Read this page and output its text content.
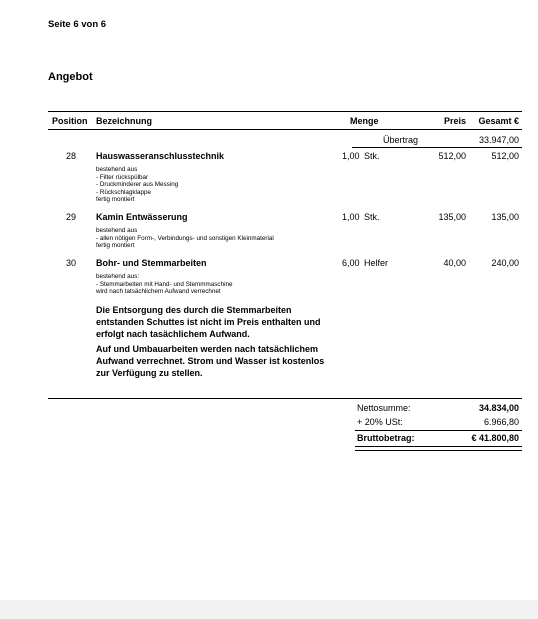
Seite 6 von 6
Angebot
Position Bezeichnung	Menge	Preis Gesamt €
Übertrag	33.947,00
28 Hauswasseranschlusstechnik	1,00 Stk.	512,00	512,00
bestehend aus
- Filter rückspülbar
- Druckminderer aus Messing
- Rückschlagklappe
fertig montiert
29 Kamin Entwässerung	1,00 Stk.	135,00	135,00
bestehend aus
- allen nötigen Form-, Verbindungs- und sonstigen Kleinmaterial
fertig montiert
30 Bohr- und Stemmarbeiten	6,00 Helfer	40,00	240,00
bestehend aus:
- Stemmarbeiten mit Hand- und Stemmmaschine
wird nach tatsächlichem Aufwand verrechnet
Die Entsorgung des durch die Stemmarbeiten entstanden Schuttes ist nicht im Preis enthalten und erfolgt nach tasächlichem Aufwand.
Auf und Umbauarbeiten werden nach tatsächlichem Aufwand verrechnet. Strom und Wasser ist kostenlos zur Verfügung zu stellen.
Nettosumme:	34.834,00
+ 20% USt:	6.966,80
Bruttobetrag:	€ 41.800,80
